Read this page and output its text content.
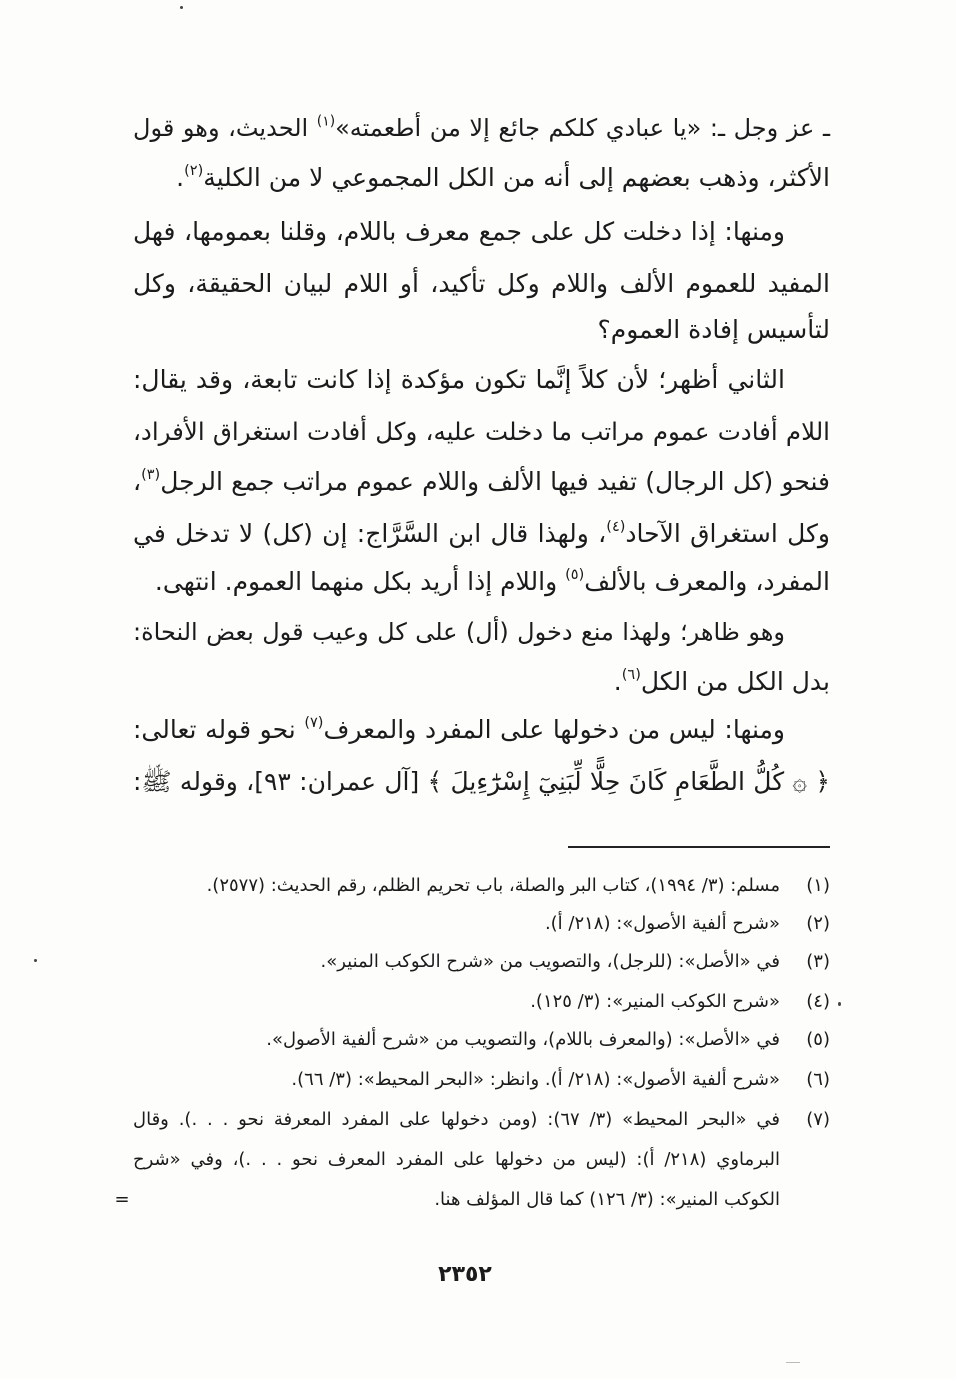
ـ عز وجل ـ: «يا عبادي كلكم جائع إلا من أطعمته»$^{(١)}$ الحديث، وهو قول
الأكثر، وذهب بعضهم إلى أنه من الكل المجموعي لا من الكلية$^{(٢)}$.
ومنها: إذا دخلت كل على جمع معرف باللام، وقلنا بعمومها، فهل
المفيد للعموم الألف واللام وكل تأكيد، أو اللام لبيان الحقيقة، وكل
لتأسيس إفادة العموم؟
الثاني أظهر؛ لأن كلاً إنَّما تكون مؤكدة إذا كانت تابعة، وقد يقال:
اللام أفادت عموم مراتب ما دخلت عليه، وكل أفادت استغراق الأفراد،
فنحو (كل الرجال) تفيد فيها الألف واللام عموم مراتب جمع الرجل$^{(٣)}$،
وكل استغراق الآحاد$^{(٤)}$، ولهذا قال ابن السَّرَّاج: إن (كل) لا تدخل في
المفرد، والمعرف بالألف$^{(٥)}$ واللام إذا أريد بكل منهما العموم. انتهى.
وهو ظاهر؛ ولهذا منع دخول (أل) على كل وعيب قول بعض النحاة:
بدل الكل من الكل$^{(٦)}$.
ومنها: ليس من دخولها على المفرد والمعرف$^{(٧)}$ نحو قوله تعالى:
﴿ ۞ كُلُّ الطَّعَامِ كَانَ حِلًّا لِّبَنِيٓ إِسْرَٰٓءِيلَ ﴾ [آل عمران: ٩٣]، وقوله ﷺ:
(١)
مسلم: (٣/ ١٩٩٤)، كتاب البر والصلة، باب تحريم الظلم، رقم الحديث: (٢٥٧٧).
(٢)
«شرح ألفية الأصول»: (٢١٨/ أ).
(٣)
في «الأصل»: (للرجل)، والتصويب من «شرح الكوكب المنير».
(٤)
«شرح الكوكب المنير»: (٣/ ١٢٥).
(٥)
في «الأصل»: (والمعرف باللام)، والتصويب من «شرح ألفية الأصول».
(٦)
«شرح ألفية الأصول»: (٢١٨/ أ). وانظر: «البحر المحيط»: (٣/ ٦٦).
(٧)
في «البحر المحيط» (٣/ ٦٧): (ومن دخولها على المفرد المعرفة نحو . . .). وقال
البرماوي (٢١٨/ أ): (ليس من دخولها على المفرد المعرف نحو . . .)، وفي «شرح
الكوكب المنير»: (٣/ ١٢٦) كما قال المؤلف هنا.
=
٢٣٥٢
